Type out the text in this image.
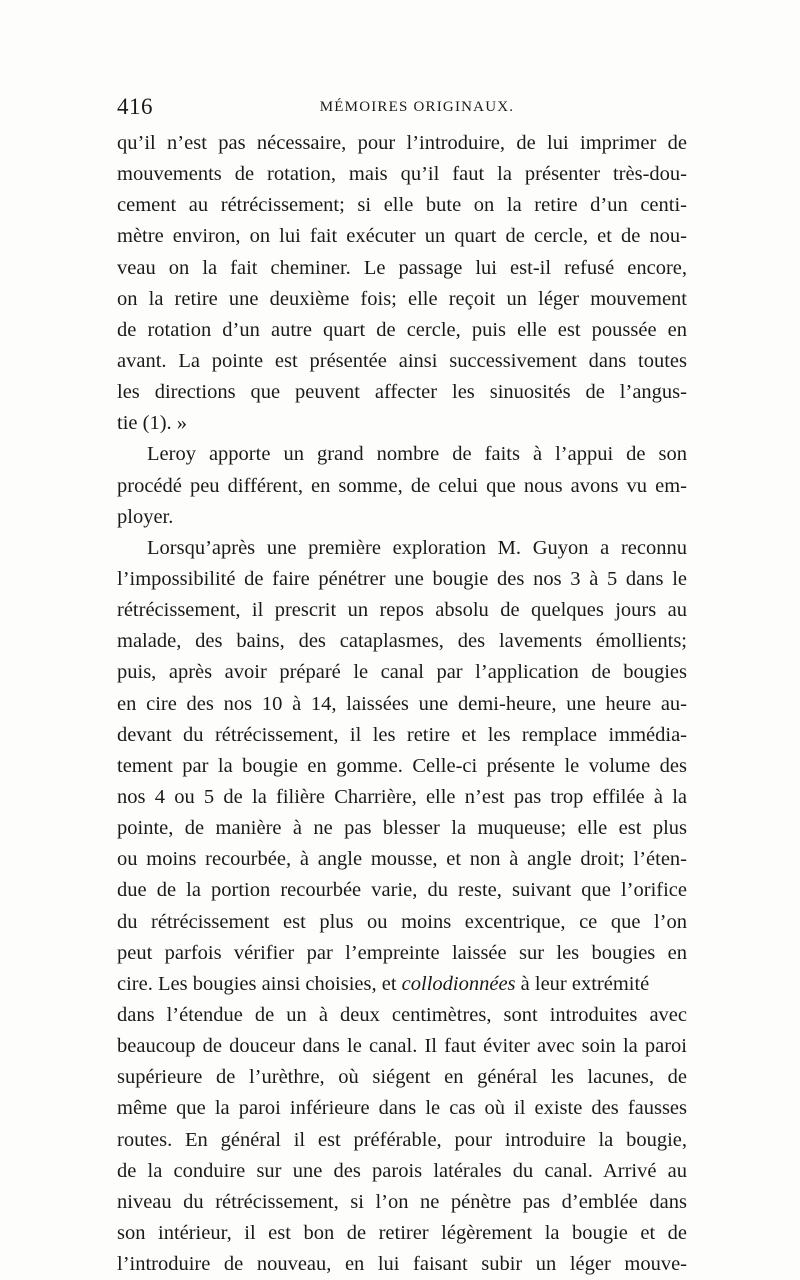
416	MÉMOIRES ORIGINAUX.
qu’il n’est pas nécessaire, pour l’introduire, de lui imprimer de
mouvements de rotation, mais qu’il faut la présenter très-dou-
cement au rétrécissement; si elle bute on la retire d’un centi-
mètre environ, on lui fait exécuter un quart de cercle, et de nou-
veau on la fait cheminer. Le passage lui est-il refusé encore,
on la retire une deuxième fois; elle reçoit un léger mouvement
de rotation d’un autre quart de cercle, puis elle est poussée en
avant. La pointe est présentée ainsi successivement dans toutes
les directions que peuvent affecter les sinuosités de l’angus-
tie (1). »
Leroy apporte un grand nombre de faits à l’appui de son
procédé peu différent, en somme, de celui que nous avons vu em-
ployer.
Lorsqu’après une première exploration M. Guyon a reconnu
l’impossibilité de faire pénétrer une bougie des nos 3 à 5 dans le
rétrécissement, il prescrit un repos absolu de quelques jours au
malade, des bains, des cataplasmes, des lavements émollients;
puis, après avoir préparé le canal par l’application de bougies
en cire des nos 10 à 14, laissées une demi-heure, une heure au-
devant du rétrécissement, il les retire et les remplace immédia-
tement par la bougie en gomme. Celle-ci présente le volume des
nos 4 ou 5 de la filière Charrière, elle n’est pas trop effilée à la
pointe, de manière à ne pas blesser la muqueuse; elle est plus
ou moins recourbée, à angle mousse, et non à angle droit; l’éten-
due de la portion recourbée varie, du reste, suivant que l’orifice
du rétrécissement est plus ou moins excentrique, ce que l’on
peut parfois vérifier par l’empreinte laissée sur les bougies en
cire. Les bougies ainsi choisies, et collodionnées à leur extrémité
dans l’étendue de un à deux centimètres, sont introduites avec
beaucoup de douceur dans le canal. Il faut éviter avec soin la paroi
supérieure de l’urèthre, où siégent en général les lacunes, de
même que la paroi inférieure dans le cas où il existe des fausses
routes. En général il est préférable, pour introduire la bougie,
de la conduire sur une des parois latérales du canal. Arrivé au
niveau du rétrécissement, si l’on ne pénètre pas d’emblée dans
son intérieur, il est bon de retirer légèrement la bougie et de
l’introduire de nouveau, en lui faisant subir un léger mouve-
